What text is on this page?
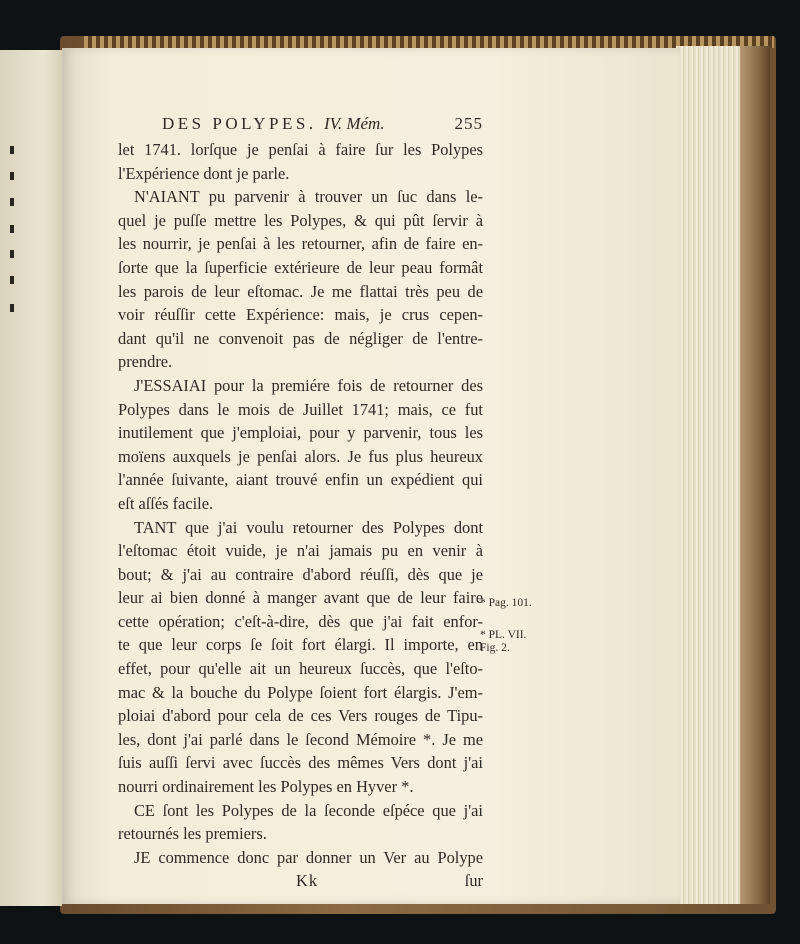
DES POLYPES. IV. Mém.	255
let 1741. lorſque je penſai à faire ſur les Polypes
l'Expérience dont je parle.
N'AIANT pu parvenir à trouver un ſuc dans le-
quel je puſſe mettre les Polypes, & qui pût ſervir à
les nourrir, je penſai à les retourner, afin de faire en-
ſorte que la ſuperficie extérieure de leur peau formât
les parois de leur eſtomac. Je me flattai très peu de
voir réuſſir cette Expérience: mais, je crus cepen-
dant qu'il ne convenoit pas de négliger de l'entre-
prendre.
J'ESSAIAI pour la premiére fois de retourner des
Polypes dans le mois de Juillet 1741; mais, ce fut
inutilement que j'emploiai, pour y parvenir, tous les
moïens auxquels je penſai alors. Je fus plus heureux
l'année ſuivante, aiant trouvé enfin un expédient qui
eſt aſſés facile.
TANT que j'ai voulu retourner des Polypes dont
l'eſtomac étoit vuide, je n'ai jamais pu en venir à
bout; & j'ai au contraire d'abord réuſſi, dès que je
leur ai bien donné à manger avant que de leur faire
cette opération; c'eſt-à-dire, dès que j'ai fait enfor-
te que leur corps ſe ſoit fort élargi. Il importe, en
effet, pour qu'elle ait un heureux ſuccès, que l'eſto-
mac & la bouche du Polype ſoient fort élargis. J'em-
ploiai d'abord pour cela de ces Vers rouges de Tipu-
les, dont j'ai parlé dans le ſecond Mémoire *. Je me
ſuis auſſi ſervi avec ſuccès des mêmes Vers dont j'ai
nourri ordinairement les Polypes en Hyver *.
CE ſont les Polypes de la ſeconde eſpéce que j'ai
retournés les premiers.
JE commence donc par donner un Ver au Polype
Kk	ſur
* Pag. 101.
* PL. VII.
Fig. 2.
